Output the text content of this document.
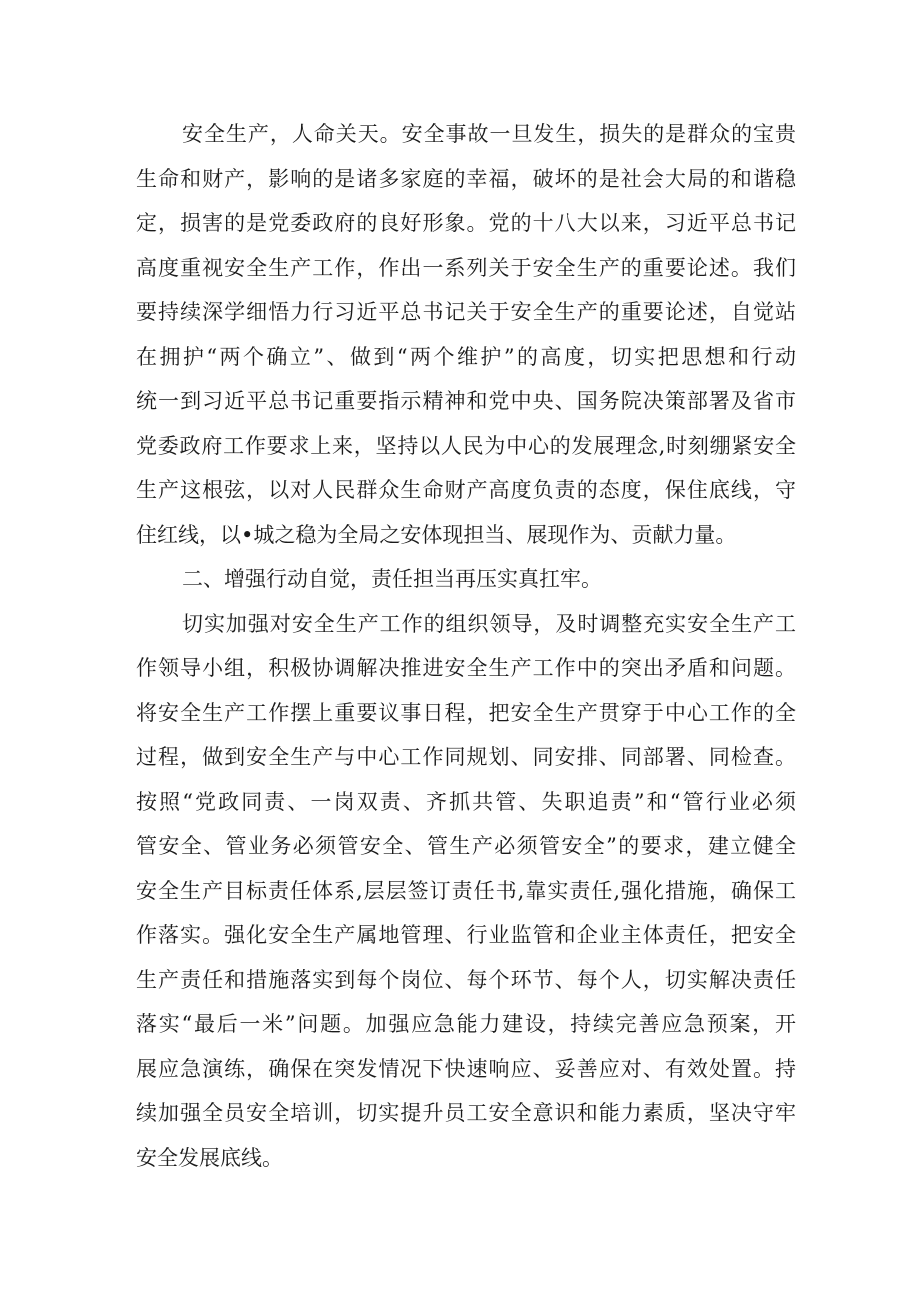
安全生产，人命关天。安全事故一旦发生，损失的是群众的宝贵
生命和财产，影响的是诸多家庭的幸福，破坏的是社会大局的和谐稳
定，损害的是党委政府的良好形象。党的十八大以来，习近平总书记
高度重视安全生产工作，作出一系列关于安全生产的重要论述。我们
要持续深学细悟力行习近平总书记关于安全生产的重要论述，自觉站
在拥护“两个确立”、做到“两个维护”的高度，切实把思想和行动
统一到习近平总书记重要指示精神和党中央、国务院决策部署及省市
党委政府工作要求上来，坚持以人民为中心的发展理念,时刻绷紧安全
生产这根弦，以对人民群众生命财产高度负责的态度，保住底线，守
住红线，以•城之稳为全局之安体现担当、展现作为、贡献力量。
二、增强行动自觉，责任担当再压实真扛牢。
切实加强对安全生产工作的组织领导，及时调整充实安全生产工
作领导小组，积极协调解决推进安全生产工作中的突出矛盾和问题。
将安全生产工作摆上重要议事日程，把安全生产贯穿于中心工作的全
过程，做到安全生产与中心工作同规划、同安排、同部署、同检查。
按照“党政同责、一岗双责、齐抓共管、失职追责”和“管行业必须
管安全、管业务必须管安全、管生产必须管安全”的要求，建立健全
安全生产目标责任体系,层层签订责任书,靠实责任,强化措施，确保工
作落实。强化安全生产属地管理、行业监管和企业主体责任，把安全
生产责任和措施落实到每个岗位、每个环节、每个人，切实解决责任
落实“最后一米”问题。加强应急能力建设，持续完善应急预案，开
展应急演练，确保在突发情况下快速响应、妥善应对、有效处置。持
续加强全员安全培训，切实提升员工安全意识和能力素质，坚决守牢
安全发展底线。
